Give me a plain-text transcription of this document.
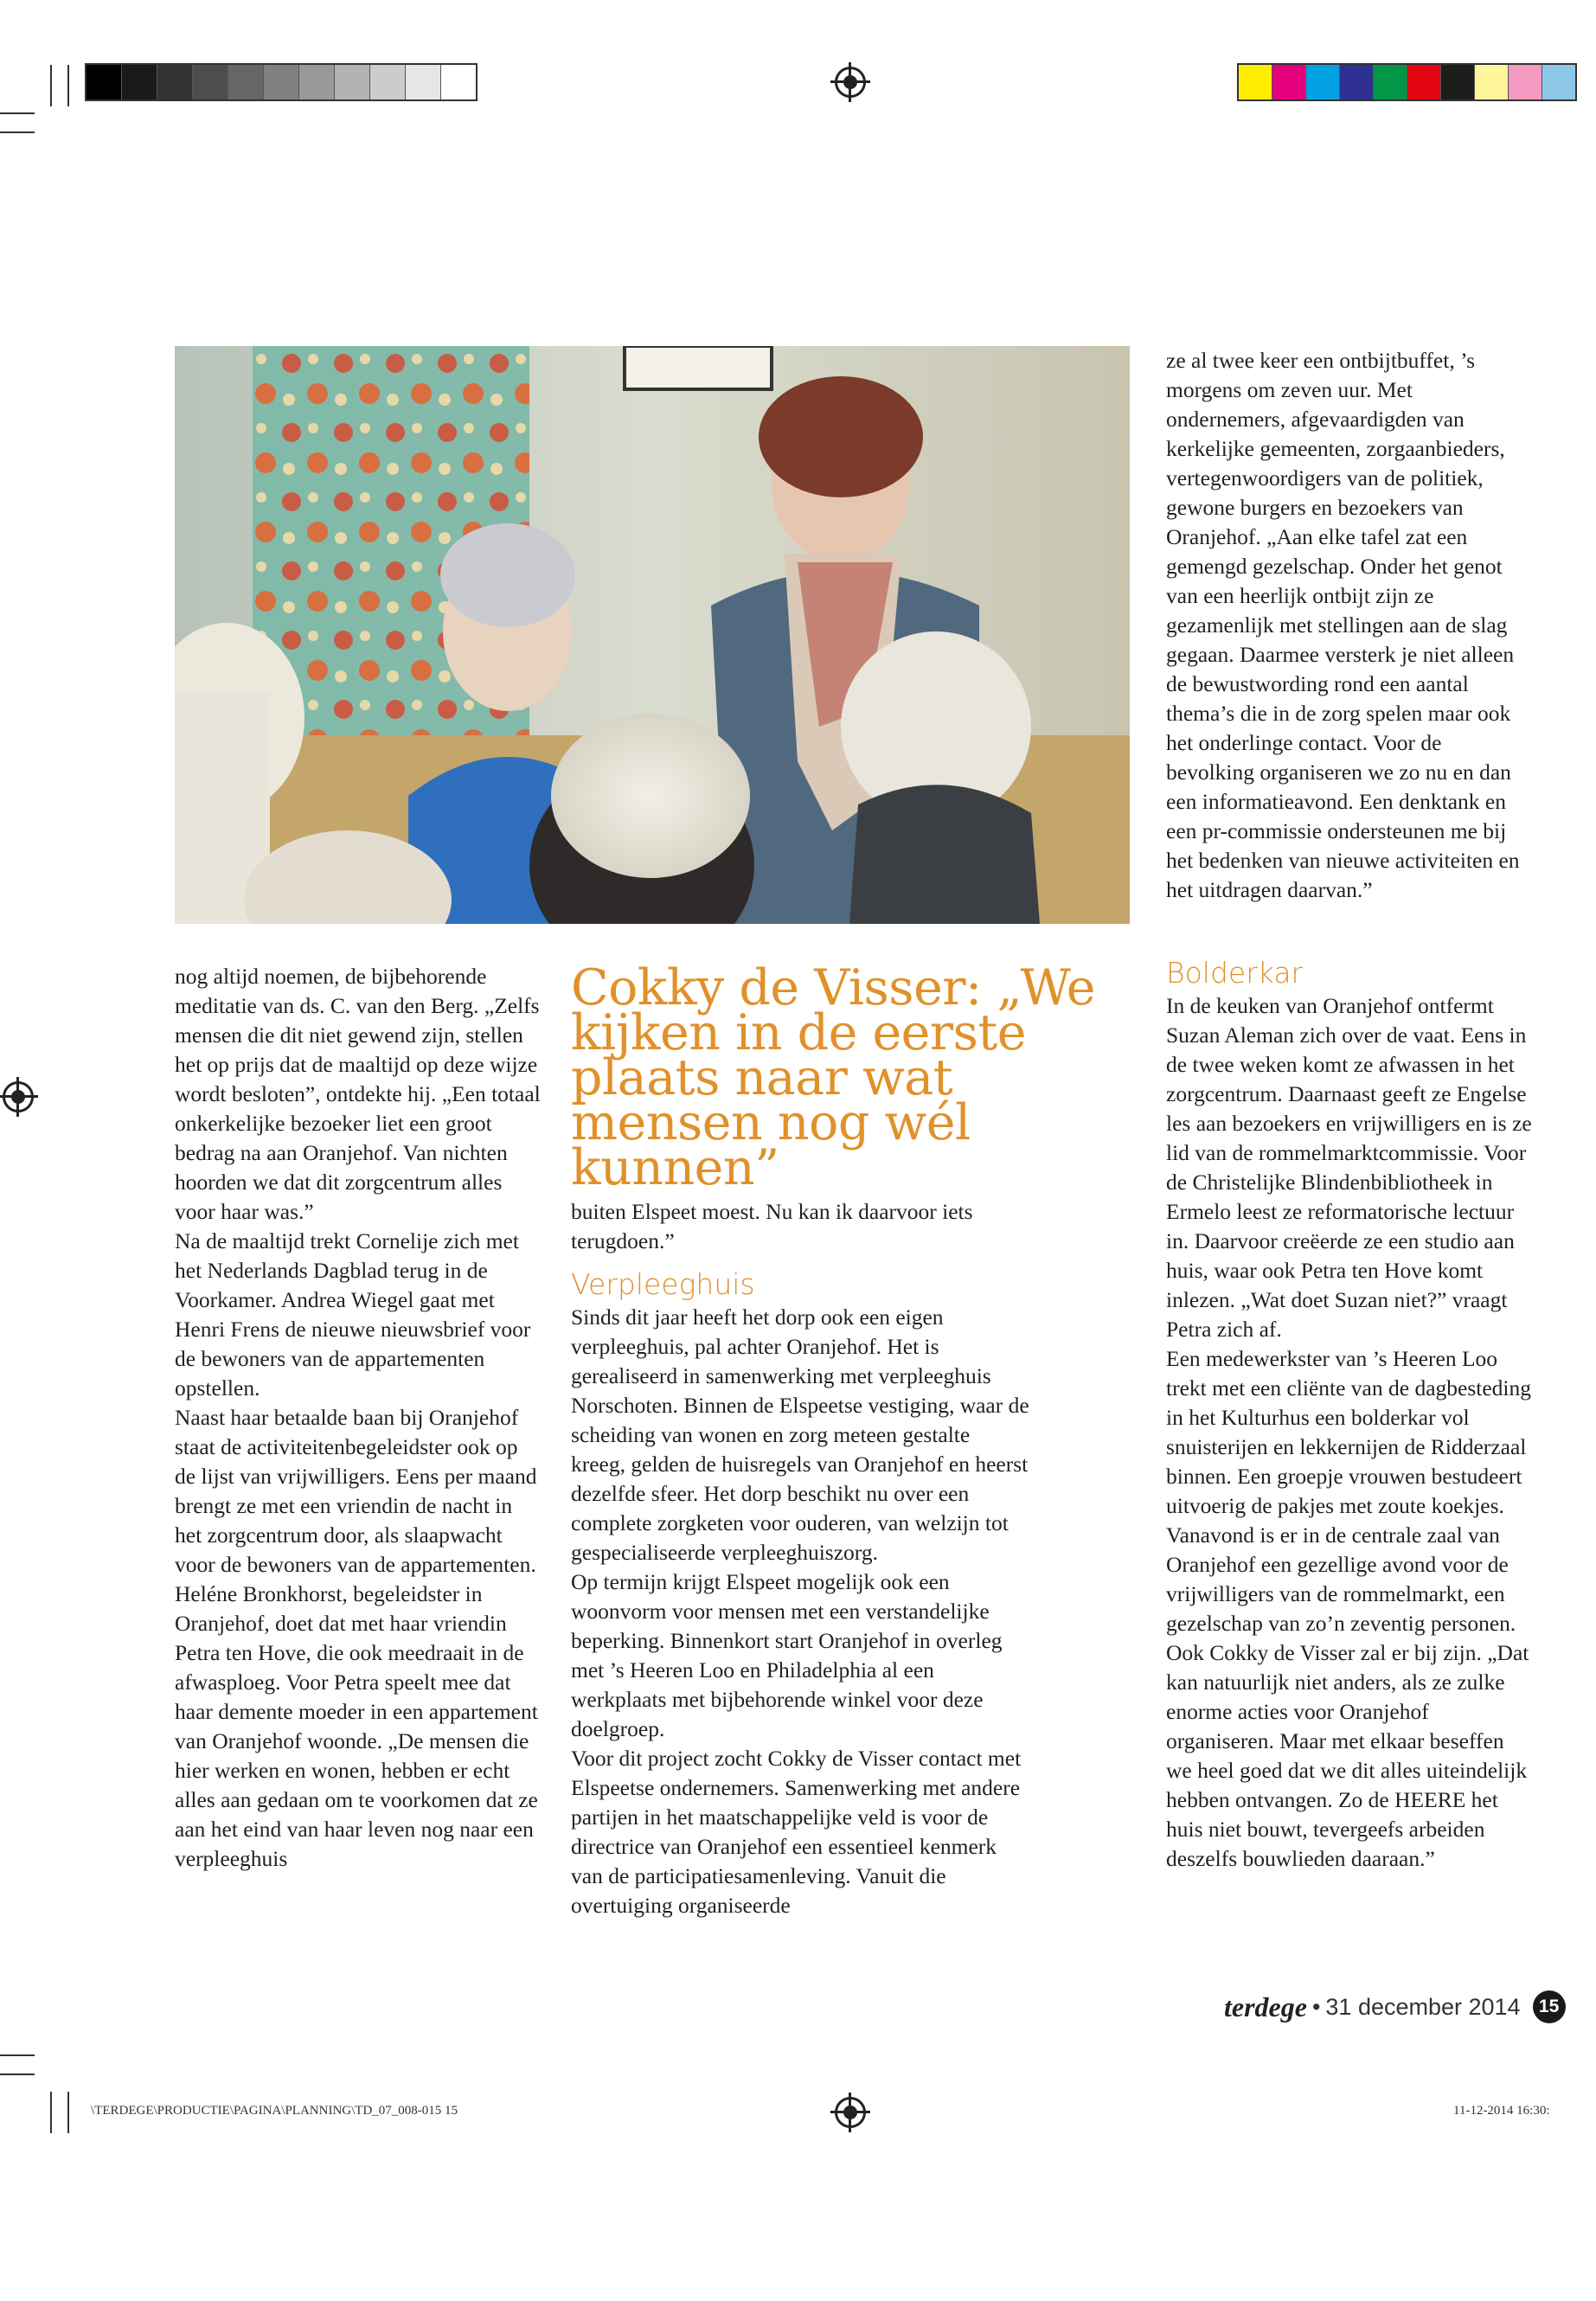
\TERDEGE\PRODUCTIE\PAGINA\PLANNING\TD_07_008-015 15	11-12-2014 16:30:

ze al twee keer een ontbijtbuffet, ’s morgens om zeven uur. Met ondernemers, afgevaardigden van kerkelijke gemeenten, zorgaanbieders, vertegenwoordigers van de politiek, gewone burgers en bezoekers van Oranjehof. „Aan elke tafel zat een gemengd gezelschap. Onder het genot van een heerlijk ontbijt zijn ze gezamenlijk met stellingen aan de slag gegaan. Daarmee versterk je niet alleen de bewustwording rond een aantal thema’s die in de zorg spelen maar ook het onderlinge contact. Voor de bevolking organiseren we zo nu en dan een informatieavond. Een denktank en een pr-commissie ondersteunen me bij het bedenken van nieuwe activiteiten en het uitdragen daarvan.”

nog altijd noemen, de bijbehorende meditatie van ds. C. van den Berg. „Zelfs mensen die dit niet gewend zijn, stellen het op prijs dat de maaltijd op deze wijze wordt besloten”, ontdekte hij. „Een totaal onkerkelijke bezoeker liet een groot bedrag na aan Oranjehof. Van nichten hoorden we dat dit zorgcentrum alles voor haar was.”

Na de maaltijd trekt Cornelije zich met het Nederlands Dagblad terug in de Voorkamer. Andrea Wiegel gaat met Henri Frens de nieuwe nieuwsbrief voor de bewoners van de appartementen opstellen.

Naast haar betaalde baan bij Oranjehof staat de activiteitenbegeleidster ook op de lijst van vrijwilligers. Eens per maand brengt ze met een vriendin de nacht in het zorgcentrum door, als slaapwacht voor de bewoners van de appartementen. Heléne Bronkhorst, begeleidster in Oranjehof, doet dat met haar vriendin Petra ten Hove, die ook meedraait in de afwasploeg. Voor Petra speelt mee dat haar demente moeder in een appartement van Oranjehof woonde. „De mensen die hier werken en wonen, hebben er echt alles aan gedaan om te voorkomen dat ze aan het eind van haar leven nog naar een verpleeghuis

Cokky de Visser: „We kijken in de eerste plaats naar wat mensen nog wél kunnen”

buiten Elspeet moest. Nu kan ik daarvoor iets terugdoen.”

Verpleeghuis

Sinds dit jaar heeft het dorp ook een eigen verpleeghuis, pal achter Oranjehof. Het is gerealiseerd in samenwerking met verpleeghuis Norschoten. Binnen de Elspeetse vestiging, waar de scheiding van wonen en zorg meteen gestalte kreeg, gelden de huisregels van Oranjehof en heerst dezelfde sfeer. Het dorp beschikt nu over een complete zorgketen voor ouderen, van welzijn tot gespecialiseerde verpleeghuiszorg.

Op termijn krijgt Elspeet mogelijk ook een woonvorm voor mensen met een verstandelijke beperking. Binnenkort start Oranjehof in overleg met ’s Heeren Loo en Philadelphia al een werkplaats met bijbehorende winkel voor deze doelgroep.

Voor dit project zocht Cokky de Visser contact met Elspeetse ondernemers. Samenwerking met andere partijen in het maatschappelijke veld is voor de directrice van Oranjehof een essentieel kenmerk van de participatiesamenleving. Vanuit die overtuiging organiseerde

Bolderkar

In de keuken van Oranjehof ontfermt Suzan Aleman zich over de vaat. Eens in de twee weken komt ze afwassen in het zorgcentrum. Daarnaast geeft ze Engelse les aan bezoekers en vrijwilligers en is ze lid van de rommelmarktcommissie. Voor de Christelijke Blindenbibliotheek in Ermelo leest ze reformatorische lectuur in. Daarvoor creëerde ze een studio aan huis, waar ook Petra ten Hove komt inlezen. „Wat doet Suzan niet?” vraagt Petra zich af.

Een medewerkster van ’s Heeren Loo trekt met een cliënte van de dagbesteding in het Kulturhus een bolderkar vol snuisterijen en lekkernijen de Ridderzaal binnen. Een groepje vrouwen bestudeert uitvoerig de pakjes met zoute koekjes. Vanavond is er in de centrale zaal van Oranjehof een gezellige avond voor de vrijwilligers van de rommelmarkt, een gezelschap van zo’n zeventig personen. Ook Cokky de Visser zal er bij zijn. „Dat kan natuurlijk niet anders, als ze zulke enorme acties voor Oranjehof organiseren. Maar met elkaar beseffen we heel goed dat we dit alles uiteindelijk hebben ontvangen. Zo de HEERE het huis niet bouwt, tevergeefs arbeiden deszelfs bouwlieden daaraan.”

terdege • 31 december 2014	15
